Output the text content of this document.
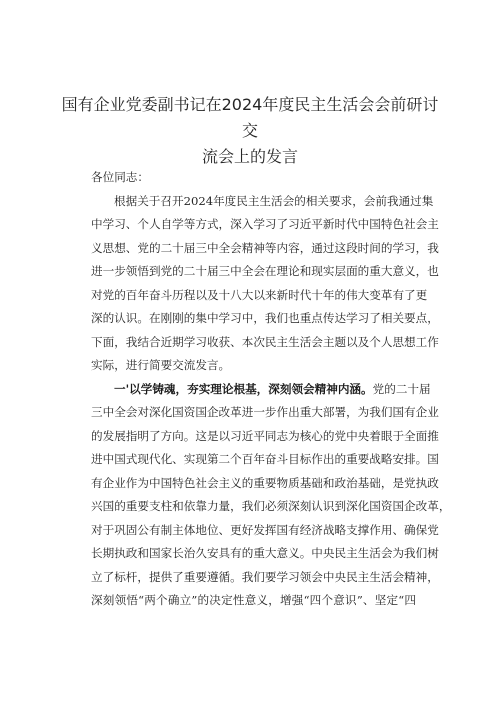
国有企业党委副书记在2024年度民主生活会会前研讨交
流会上的发言
各位同志：
根据关于召开2024年度民主生活会的相关要求，会前我通过集
中学习、个人自学等方式，深入学习了习近平新时代中国特色社会主
义思想、党的二十届三中全会精神等内容，通过这段时间的学习，我
进一步领悟到党的二十届三中全会在理论和现实层面的重大意义，也
对党的百年奋斗历程以及十八大以来新时代十年的伟大变革有了更
深的认识。在刚刚的集中学习中，我们也重点传达学习了相关要点，
下面，我结合近期学习收获、本次民主生活会主题以及个人思想工作
实际，进行简要交流发言。
一'以学铸魂，夯实理论根基，深刻领会精神内涵。党的二十届
三中全会对深化国资国企改革进一步作出重大部署，为我们国有企业
的发展指明了方向。这是以习近平同志为核心的党中央着眼于全面推
进中国式现代化、实现第二个百年奋斗目标作出的重要战略安排。国
有企业作为中国特色社会主义的重要物质基础和政治基础，是党执政
兴国的重要支柱和依靠力量，我们必须深刻认识到深化国资国企改革，
对于巩固公有制主体地位、更好发挥国有经济战略支撑作用、确保党
长期执政和国家长治久安具有的重大意义。中央民主生活会为我们树
立了标杆，提供了重要遵循。我们要学习领会中央民主生活会精神，
深刻领悟“两个确立”的决定性意义，增强“四个意识”、坚定“四
